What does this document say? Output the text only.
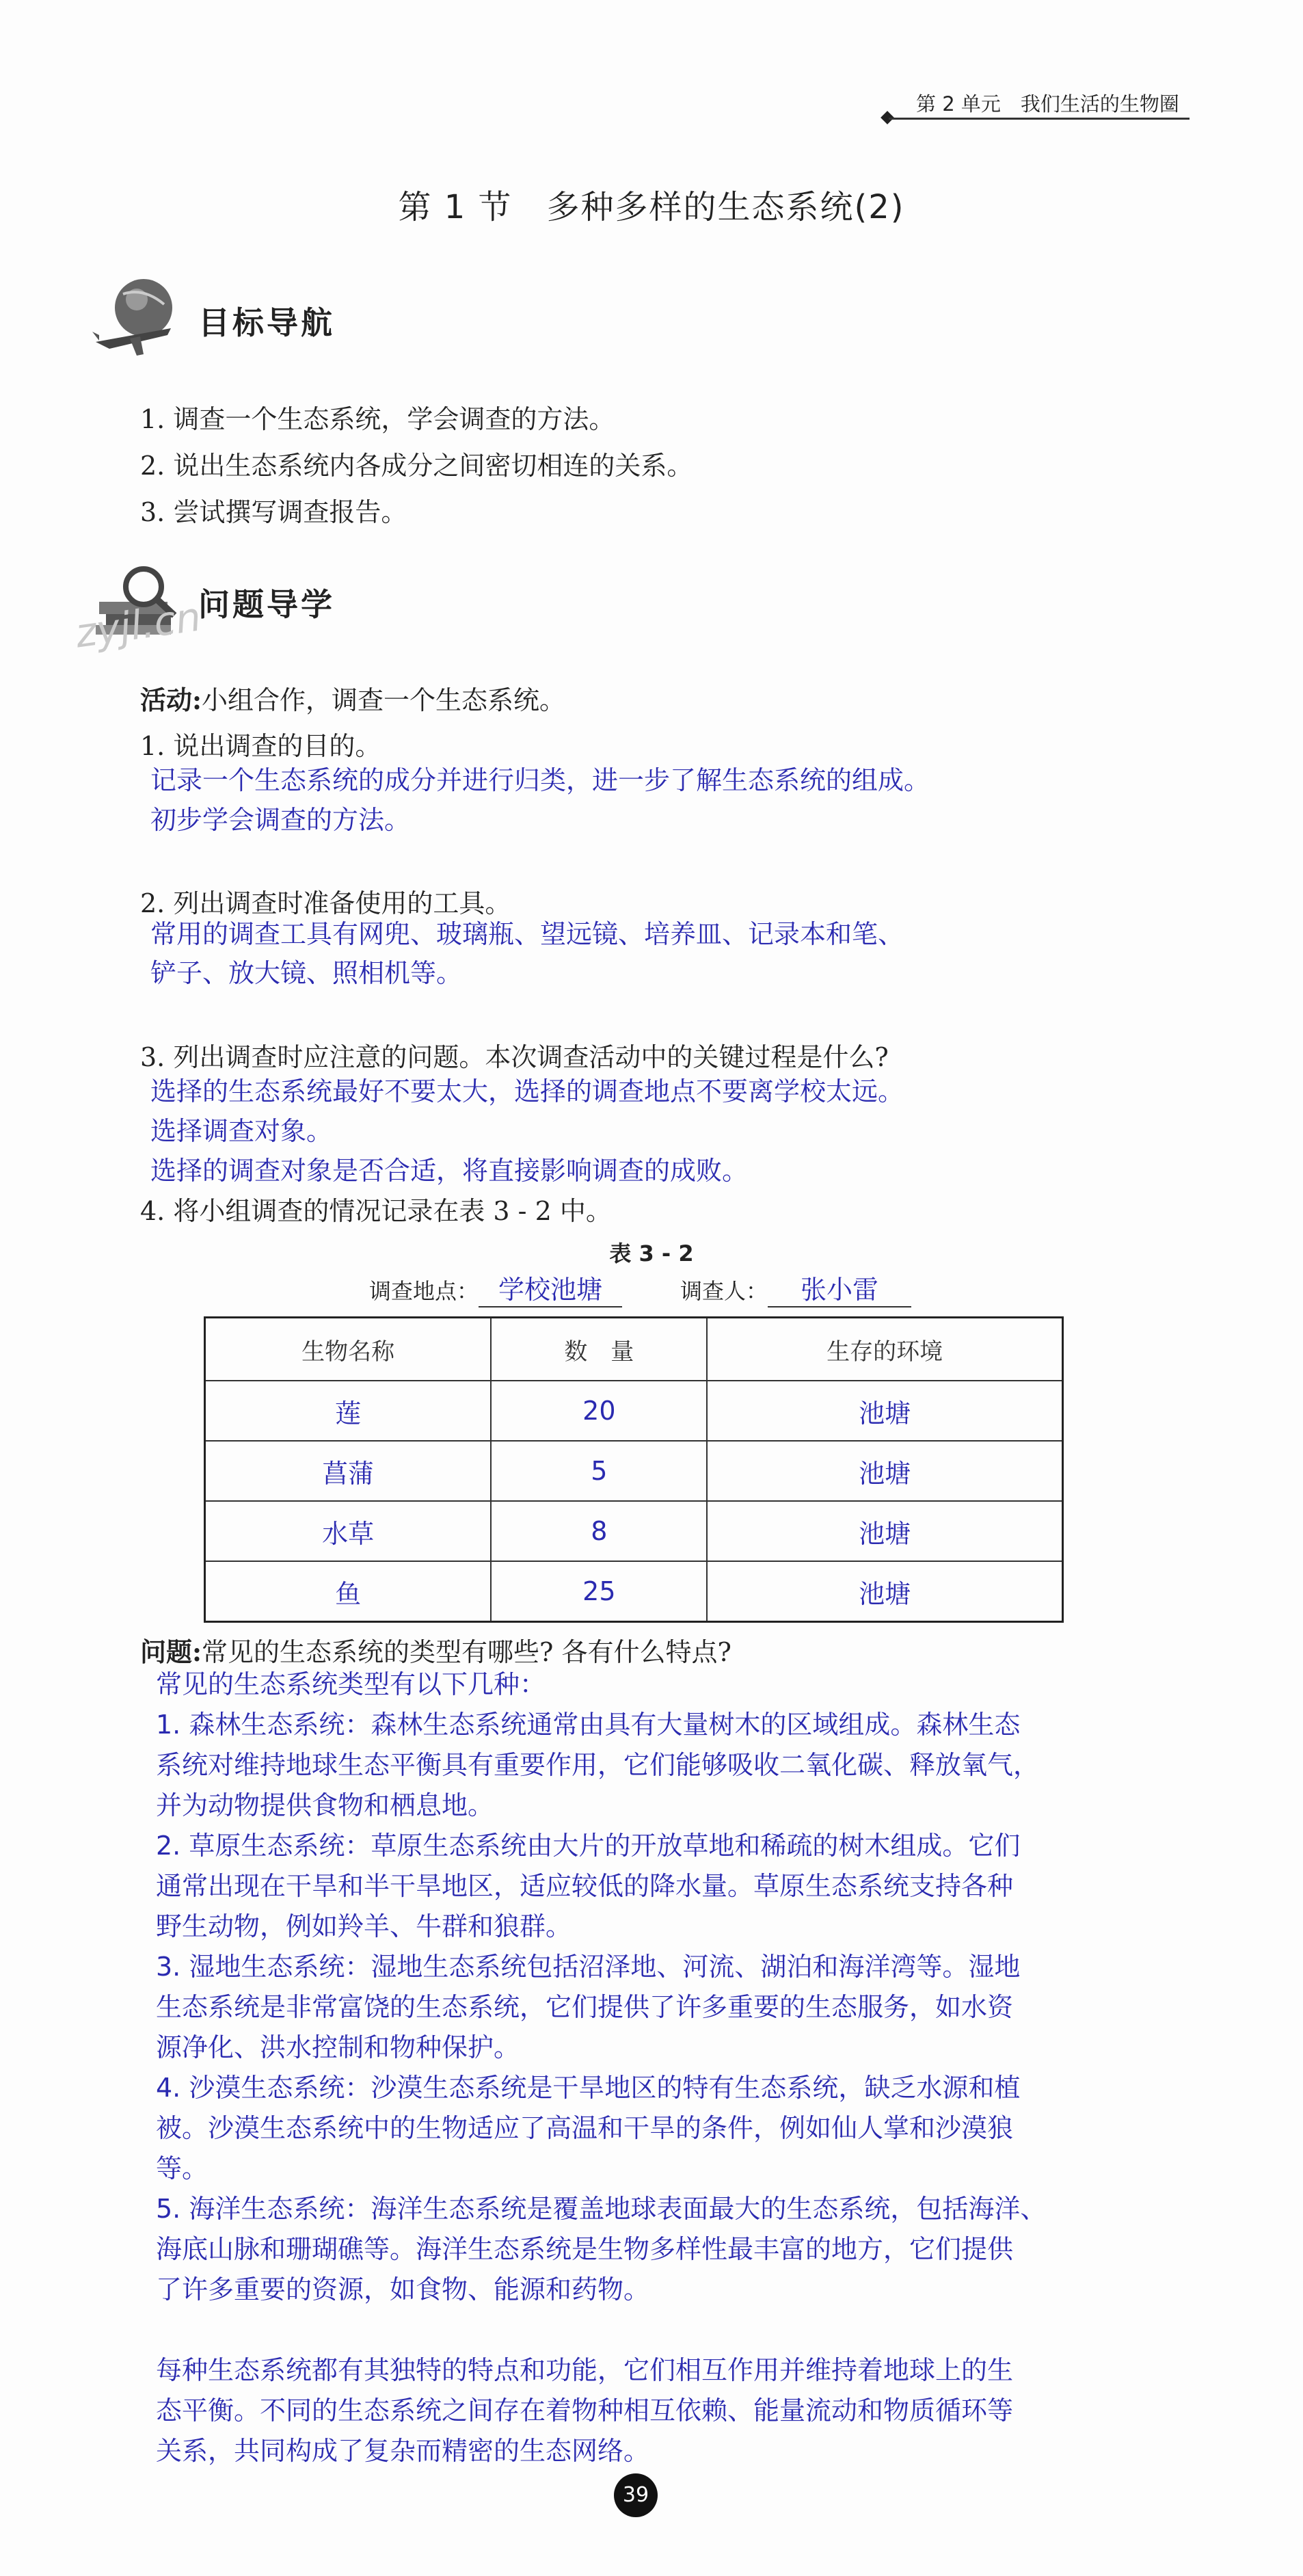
第 2 单元　我们生活的生物圈
第 1 节　多种多样的生态系统(2)
目标导航
1. 调查一个生态系统，学会调查的方法。
2. 说出生态系统内各成分之间密切相连的关系。
3. 尝试撰写调查报告。
zyjl.cn
问题导学
活动:小组合作，调查一个生态系统。
1. 说出调查的目的。
记录一个生态系统的成分并进行归类，进一步了解生态系统的组成。
初步学会调查的方法。
2. 列出调查时准备使用的工具。
常用的调查工具有网兜、玻璃瓶、望远镜、培养皿、记录本和笔、
铲子、放大镜、照相机等。
3. 列出调查时应注意的问题。本次调查活动中的关键过程是什么?
选择的生态系统最好不要太大，选择的调查地点不要离学校太远。
选择调查对象。
选择的调查对象是否合适，将直接影响调查的成败。
4. 将小组调查的情况记录在表 3 - 2 中。
表 3 - 2
调查地点： 学校池塘	调查人： 张小雷
生物名称	数　量	生存的环境
莲	20	池塘
菖蒲	5	池塘
水草	8	池塘
鱼	25	池塘
问题:常见的生态系统的类型有哪些? 各有什么特点?
常见的生态系统类型有以下几种：
1. 森林生态系统：森林生态系统通常由具有大量树木的区域组成。森林生态
系统对维持地球生态平衡具有重要作用，它们能够吸收二氧化碳、释放氧气，
并为动物提供食物和栖息地。
2. 草原生态系统：草原生态系统由大片的开放草地和稀疏的树木组成。它们
通常出现在干旱和半干旱地区，适应较低的降水量。草原生态系统支持各种
野生动物，例如羚羊、牛群和狼群。
3. 湿地生态系统：湿地生态系统包括沼泽地、河流、湖泊和海洋湾等。湿地
生态系统是非常富饶的生态系统，它们提供了许多重要的生态服务，如水资
源净化、洪水控制和物种保护。
4. 沙漠生态系统：沙漠生态系统是干旱地区的特有生态系统，缺乏水源和植
被。沙漠生态系统中的生物适应了高温和干旱的条件，例如仙人掌和沙漠狼
等。
5. 海洋生态系统：海洋生态系统是覆盖地球表面最大的生态系统，包括海洋、
海底山脉和珊瑚礁等。海洋生态系统是生物多样性最丰富的地方，它们提供
了许多重要的资源，如食物、能源和药物。
每种生态系统都有其独特的特点和功能，它们相互作用并维持着地球上的生
态平衡。不同的生态系统之间存在着物种相互依赖、能量流动和物质循环等
关系，共同构成了复杂而精密的生态网络。
39
